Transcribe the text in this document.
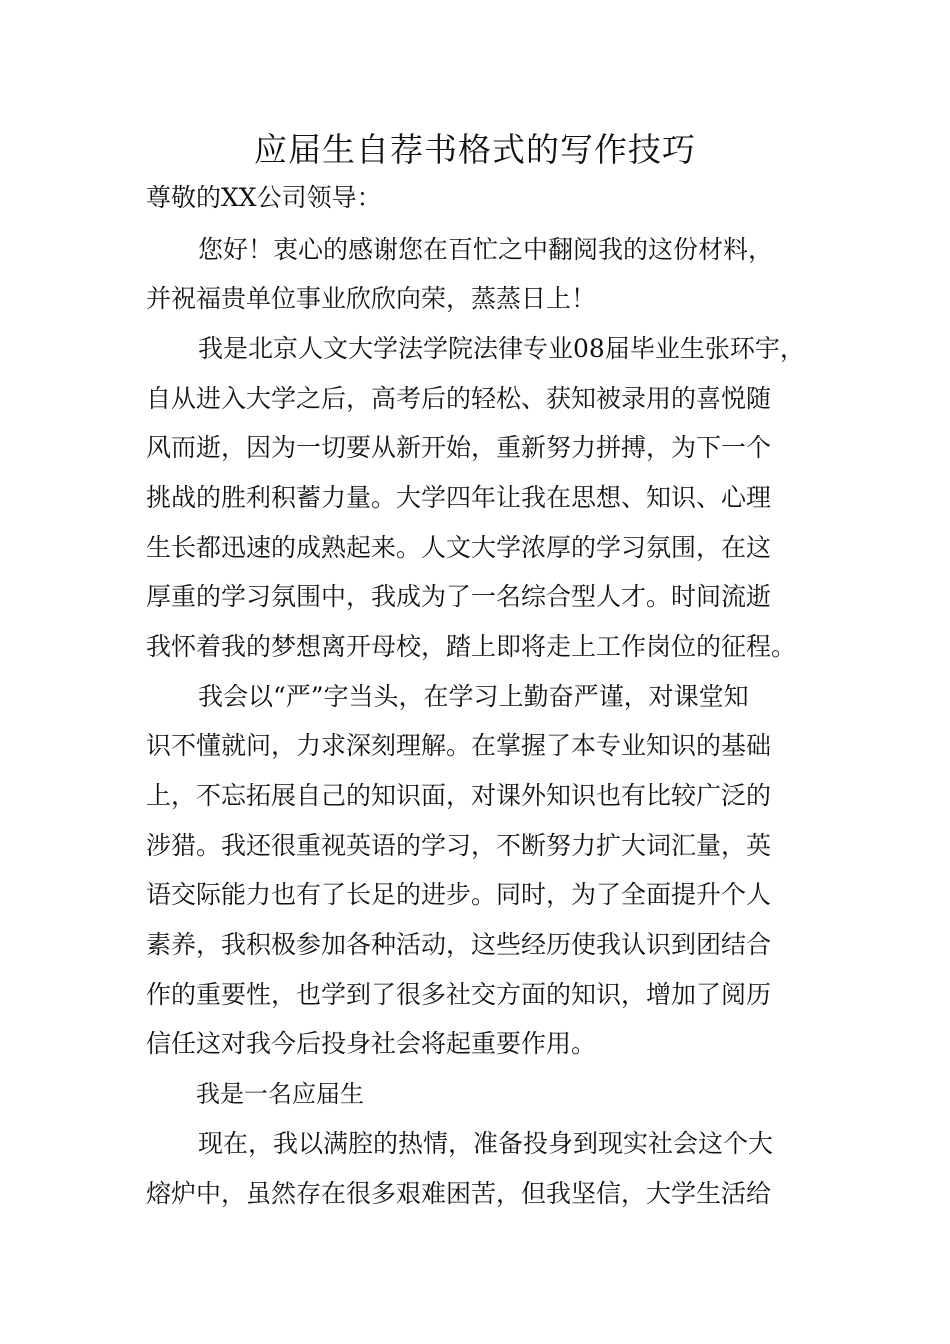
应届生自荐书格式的写作技巧
尊敬的XX公司领导：
您好！衷心的感谢您在百忙之中翻阅我的这份材料，
并祝福贵单位事业欣欣向荣，蒸蒸日上！
我是北京人文大学法学院法律专业08届毕业生张环宇，
自从进入大学之后，高考后的轻松、获知被录用的喜悦随
风而逝，因为一切要从新开始，重新努力拼搏，为下一个
挑战的胜利积蓄力量。大学四年让我在思想、知识、心理
生长都迅速的成熟起来。人文大学浓厚的学习氛围，在这
厚重的学习氛围中，我成为了一名综合型人才。时间流逝
我怀着我的梦想离开母校，踏上即将走上工作岗位的征程。
我会以“严”字当头，在学习上勤奋严谨，对课堂知
识不懂就问，力求深刻理解。在掌握了本专业知识的基础
上，不忘拓展自己的知识面，对课外知识也有比较广泛的
涉猎。我还很重视英语的学习，不断努力扩大词汇量，英
语交际能力也有了长足的进步。同时，为了全面提升个人
素养，我积极参加各种活动，这些经历使我认识到团结合
作的重要性，也学到了很多社交方面的知识，增加了阅历
信任这对我今后投身社会将起重要作用。
我是一名应届生
现在，我以满腔的热情，准备投身到现实社会这个大
熔炉中，虽然存在很多艰难困苦，但我坚信，大学生活给
